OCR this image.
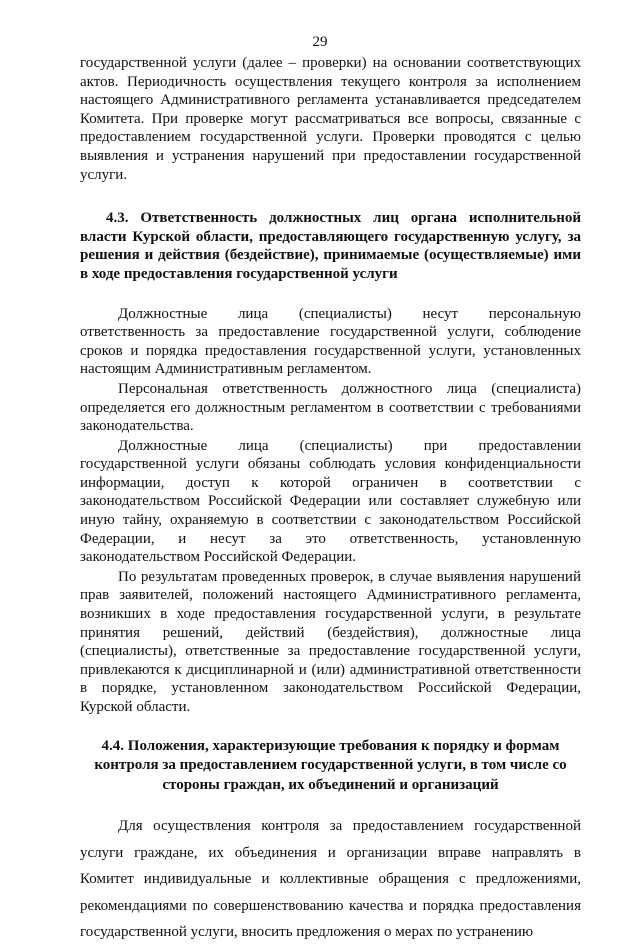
29

государственной услуги (далее – проверки) на основании соответствующих актов. Периодичность осуществления текущего контроля за исполнением настоящего Административного регламента устанавливается председателем Комитета. При проверке могут рассматриваться все вопросы, связанные с предоставлением государственной услуги. Проверки проводятся с целью выявления и устранения нарушений при предоставлении государственной услуги.

4.3. Ответственность должностных лиц органа исполнительной власти Курской области, предоставляющего государственную услугу, за решения и действия (бездействие), принимаемые (осуществляемые) ими в ходе предоставления государственной услуги

Должностные лица (специалисты) несут персональную ответственность за предоставление государственной услуги, соблюдение сроков и порядка предоставления государственной услуги, установленных настоящим Административным регламентом.

Персональная ответственность должностного лица (специалиста) определяется его должностным регламентом в соответствии с требованиями законодательства.

Должностные лица (специалисты) при предоставлении государственной услуги обязаны соблюдать условия конфиденциальности информации, доступ к которой ограничен в соответствии с законодательством Российской Федерации или составляет служебную или иную тайну, охраняемую в соответствии с законодательством Российской Федерации, и несут за это ответственность, установленную законодательством Российской Федерации.

По результатам проведенных проверок, в случае выявления нарушений прав заявителей, положений настоящего Административного регламента, возникших в ходе предоставления государственной услуги, в результате принятия решений, действий (бездействия), должностные лица (специалисты), ответственные за предоставление государственной услуги, привлекаются к дисциплинарной и (или) административной ответственности в порядке, установленном законодательством Российской Федерации, Курской области.

4.4. Положения, характеризующие требования к порядку и формам контроля за предоставлением государственной услуги, в том числе со стороны граждан, их объединений и организаций

Для осуществления контроля за предоставлением государственной услуги граждане, их объединения и организации вправе направлять в Комитет индивидуальные и коллективные обращения с предложениями, рекомендациями по совершенствованию качества и порядка предоставления государственной услуги, вносить предложения о мерах по устранению
